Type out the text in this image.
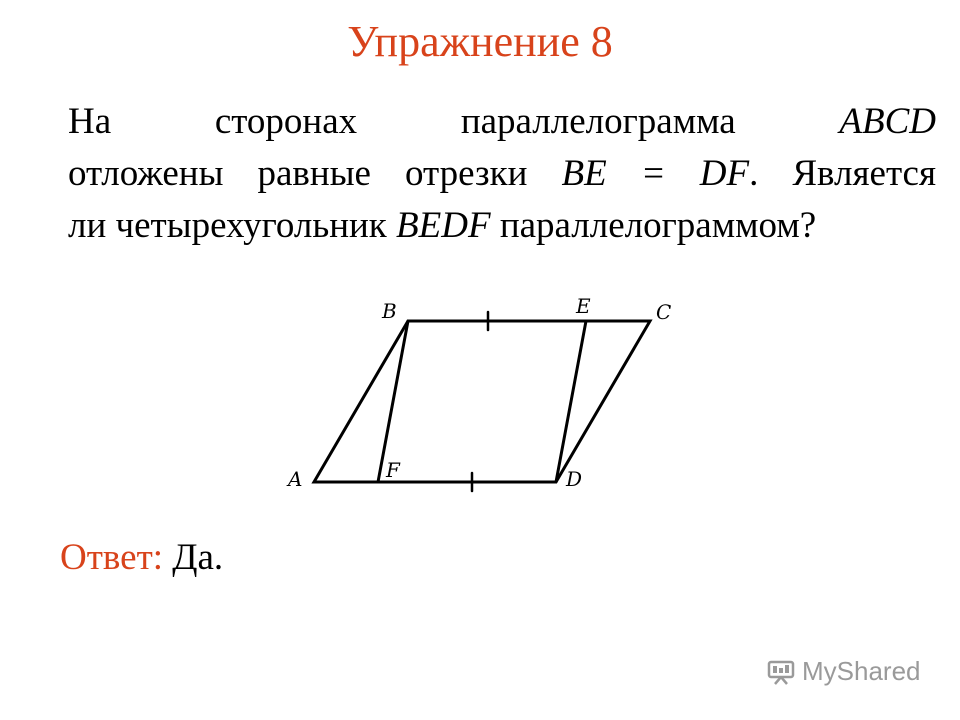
Упражнение 8
На	сторонах	параллелограмма	ABCD
отложены равные отрезки BE = DF. Является
ли четырехугольник BEDF параллелограммом?
B	E	C
A	F	D
Ответ: Да.
MyShared
